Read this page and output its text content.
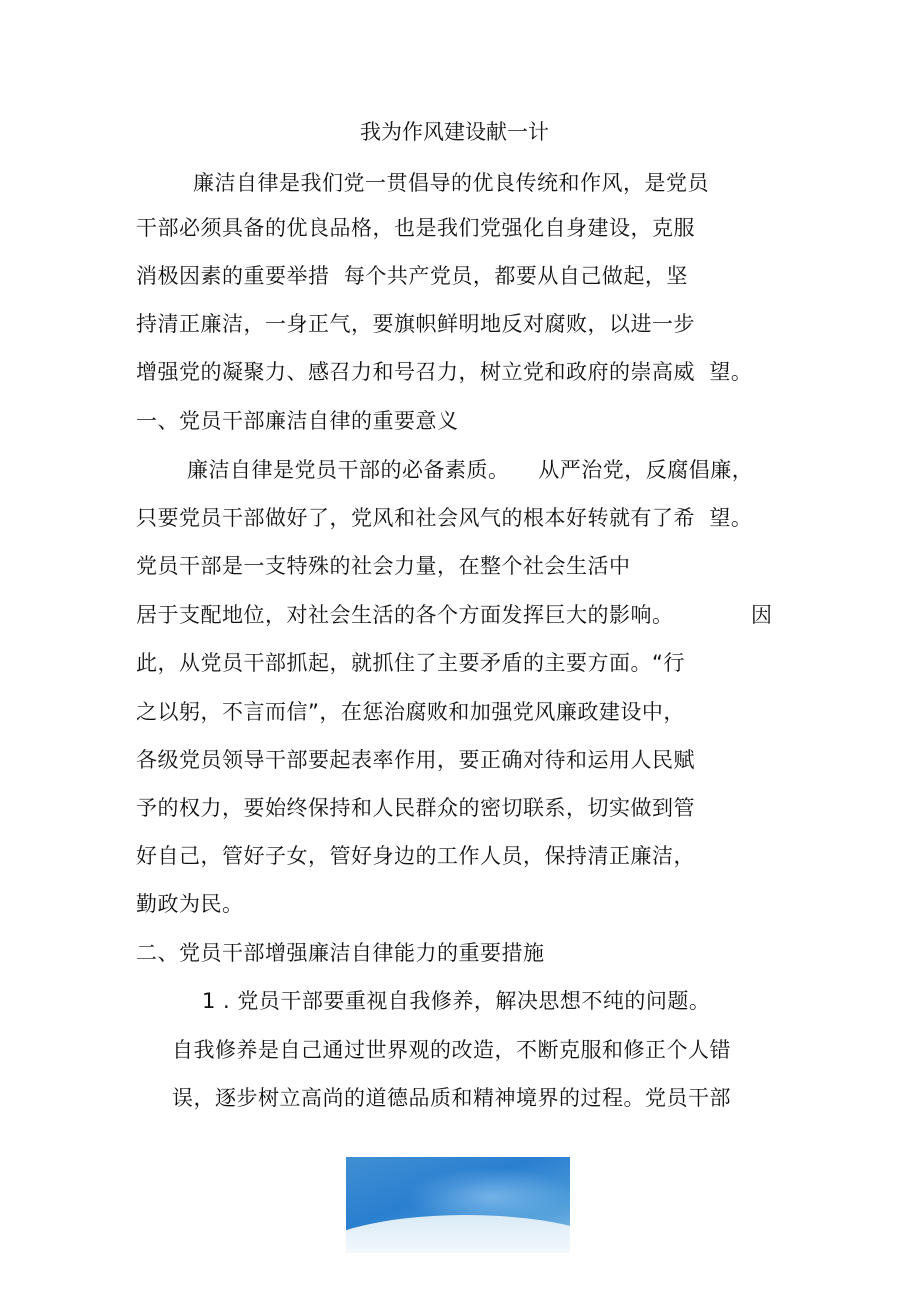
我为作风建设献一计
廉洁自律是我们党一贯倡导的优良传统和作风，是党员
干部必须具备的优良品格，也是我们党强化自身建设，克服
消极因素的重要举措  每个共产党员，都要从自己做起，坚
持清正廉洁，一身正气，要旗帜鲜明地反对腐败，以进一步
增强党的凝聚力、感召力和号召力，树立党和政府的崇高威  望。
一、党员干部廉洁自律的重要意义
廉洁自律是党员干部的必备素质。    从严治党，反腐倡廉，
只要党员干部做好了，党风和社会风气的根本好转就有了希  望。
党员干部是一支特殊的社会力量，在整个社会生活中
居于支配地位，对社会生活的各个方面发挥巨大的影响。	因
此，从党员干部抓起，就抓住了主要矛盾的主要方面。“行
之以躬，不言而信”，在惩治腐败和加强党风廉政建设中，
各级党员领导干部要起表率作用，要正确对待和运用人民赋
予的权力，要始终保持和人民群众的密切联系，切实做到管
好自己，管好子女，管好身边的工作人员，保持清正廉洁，
勤政为民。
二、党员干部增强廉洁自律能力的重要措施
1 . 党员干部要重视自我修养，解决思想不纯的问题。
自我修养是自己通过世界观的改造，不断克服和修正个人错
误，逐步树立高尚的道德品质和精神境界的过程。党员干部
